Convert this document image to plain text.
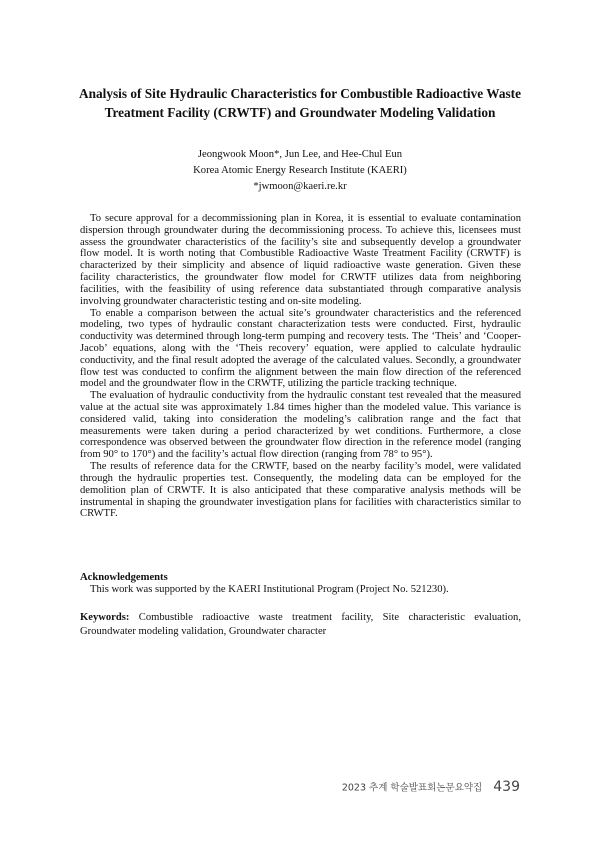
Analysis of Site Hydraulic Characteristics for Combustible Radioactive Waste Treatment Facility (CRWTF) and Groundwater Modeling Validation
Jeongwook Moon*, Jun Lee, and Hee-Chul Eun
Korea Atomic Energy Research Institute (KAERI)
*jwmoon@kaeri.re.kr

To secure approval for a decommissioning plan in Korea, it is essential to evaluate contamination dispersion through groundwater during the decommissioning process. To achieve this, licensees must assess the groundwater characteristics of the facility’s site and subsequently develop a groundwater flow model. It is worth noting that Combustible Radioactive Waste Treatment Facility (CRWTF) is characterized by their simplicity and absence of liquid radioactive waste generation. Given these facility characteristics, the groundwater flow model for CRWTF utilizes data from neighboring facilities, with the feasibility of using reference data substantiated through comparative analysis involving groundwater characteristic testing and on-site modeling.

To enable a comparison between the actual site’s groundwater characteristics and the referenced modeling, two types of hydraulic constant characterization tests were conducted. First, hydraulic conductivity was determined through long-term pumping and recovery tests. The ‘Theis’ and ‘Cooper-Jacob’ equations, along with the ‘Theis recovery’ equation, were applied to calculate hydraulic conductivity, and the final result adopted the average of the calculated values. Secondly, a groundwater flow test was conducted to confirm the alignment between the main flow direction of the referenced model and the groundwater flow in the CRWTF, utilizing the particle tracking technique.

The evaluation of hydraulic conductivity from the hydraulic constant test revealed that the measured value at the actual site was approximately 1.84 times higher than the modeled value. This variance is considered valid, taking into consideration the modeling’s calibration range and the fact that measurements were taken during a period characterized by wet conditions. Furthermore, a close correspondence was observed between the groundwater flow direction in the reference model (ranging from 90° to 170°) and the facility’s actual flow direction (ranging from 78° to 95°).

The results of reference data for the CRWTF, based on the nearby facility’s model, were validated through the hydraulic properties test. Consequently, the modeling data can be employed for the demolition plan of CRWTF. It is also anticipated that these comparative analysis methods will be instrumental in shaping the groundwater investigation plans for facilities with characteristics similar to CRWTF.

Acknowledgements
This work was supported by the KAERI Institutional Program (Project No. 521230).
Keywords: Combustible radioactive waste treatment facility, Site characteristic evaluation, Groundwater modeling validation, Groundwater character
2023 추계 학술발표회논문요약집 439
